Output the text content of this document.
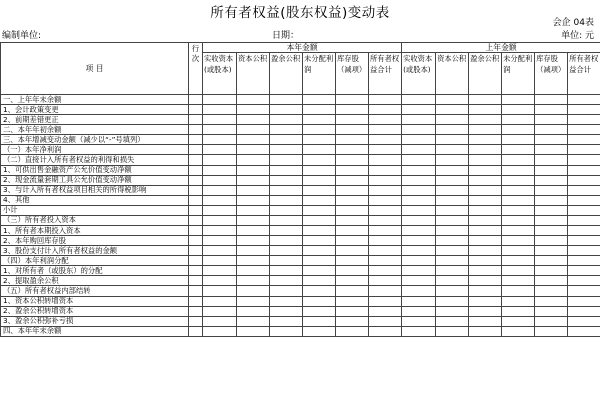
所有者权益(股东权益)变动表
会企 04表
编制单位:	日期：	单位: 元
项 目	行次	本年金额						上年金额					
		实收资本(或股本)	资本公积	盈余公积	未分配利润	库存股（减项）	所有者权益合计	实收资本(或股本)	资本公积	盈余公积	未分配利润	库存股（减项）	所有者权益合计
一、上年年末余额													
1、会计政策变更													
2、前期差错更正													
二、本年年初余额													
三、本年增减变动金额（减少以“-”号填列）													
（一）本年净利润													
（二）直接计入所有者权益的利得和损失													
1、可供出售金融资产公允价值变动净额													
2、现金流量套期工具公允价值变动净额													
3、与计入所有者权益项目相关的所得税影响													
4、其他													
小计													
（三）所有者投入资本													
1、所有者本期投入资本													
2、本年购回库存股													
3、股份支付计入所有者权益的金额													
（四）本年利润分配													
1、对所有者（或股东）的分配													
2、提取盈余公积													
（五）所有者权益内部结转													
1、资本公积转增资本													
2、盈余公积转增资本													
3、盈余公积弥补亏损													
四、本年年末余额													
